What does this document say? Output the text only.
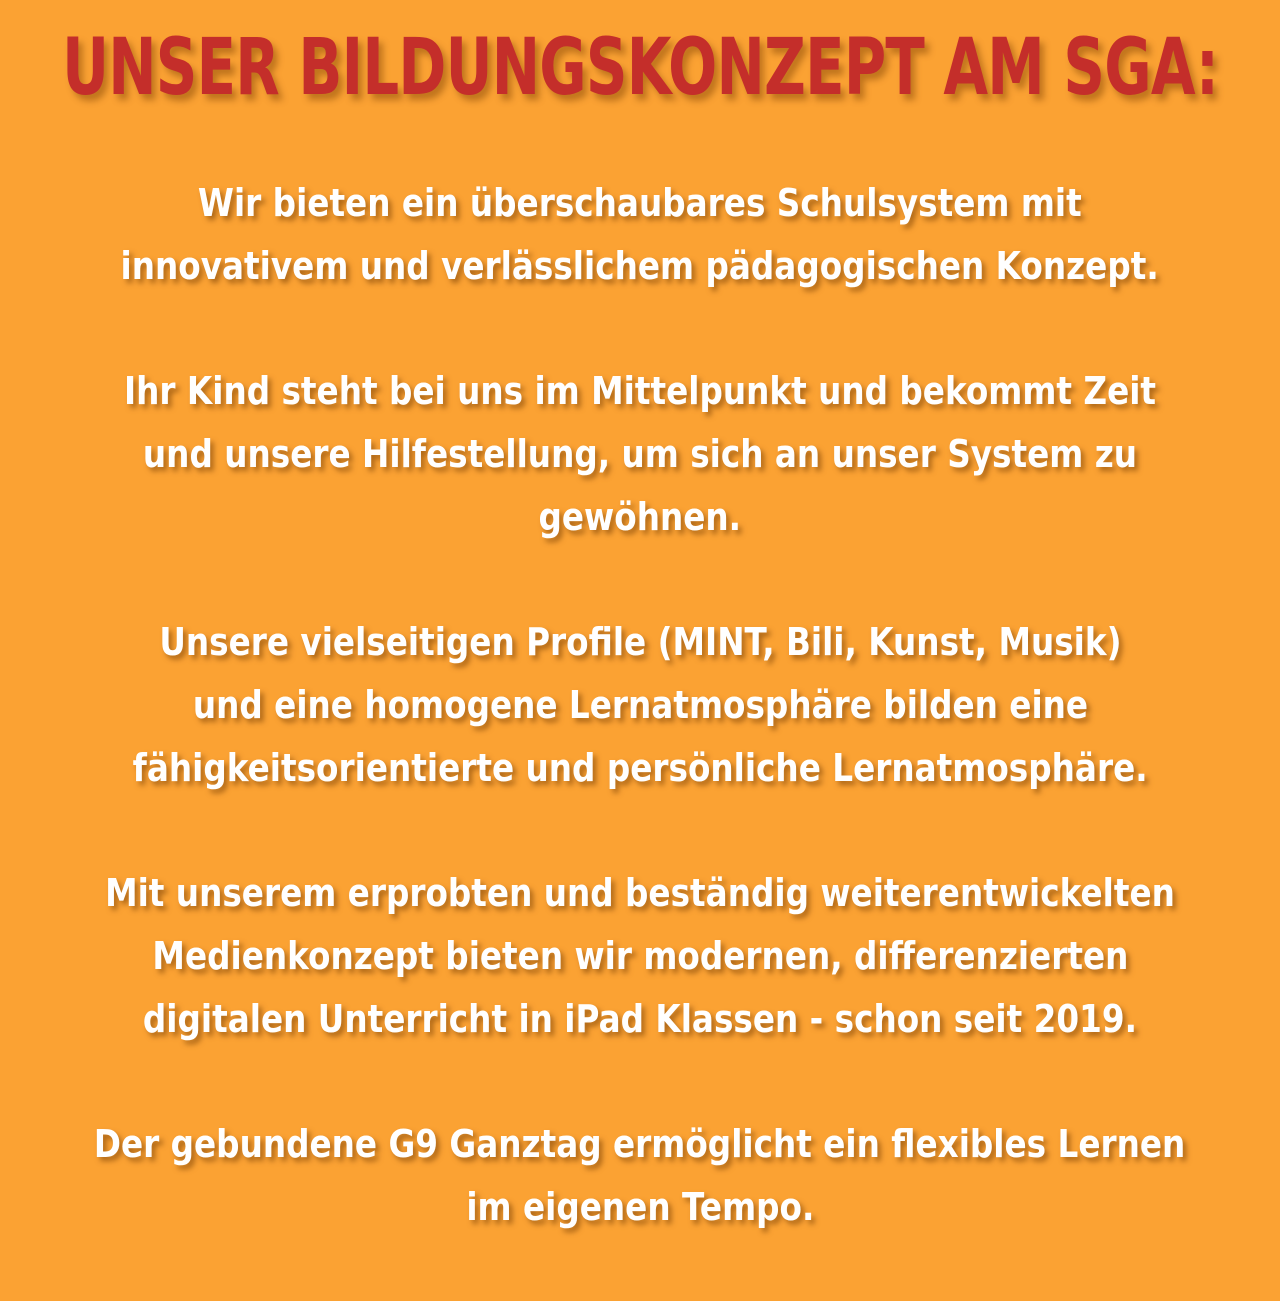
UNSER BILDUNGSKONZEPT AM SGA:
Wir bieten ein überschaubares Schulsystem mit
innovativem und verlässlichem pädagogischen Konzept.
Ihr Kind steht bei uns im Mittelpunkt und bekommt Zeit
und unsere Hilfestellung, um sich an unser System zu
gewöhnen.
Unsere vielseitigen Profile (MINT, Bili, Kunst, Musik)
und eine homogene Lernatmosphäre bilden eine
fähigkeitsorientierte und persönliche Lernatmosphäre.
Mit unserem erprobten und beständig weiterentwickelten
Medienkonzept bieten wir modernen, differenzierten
digitalen Unterricht in iPad Klassen - schon seit 2019.
Der gebundene G9 Ganztag ermöglicht ein flexibles Lernen
im eigenen Tempo.
